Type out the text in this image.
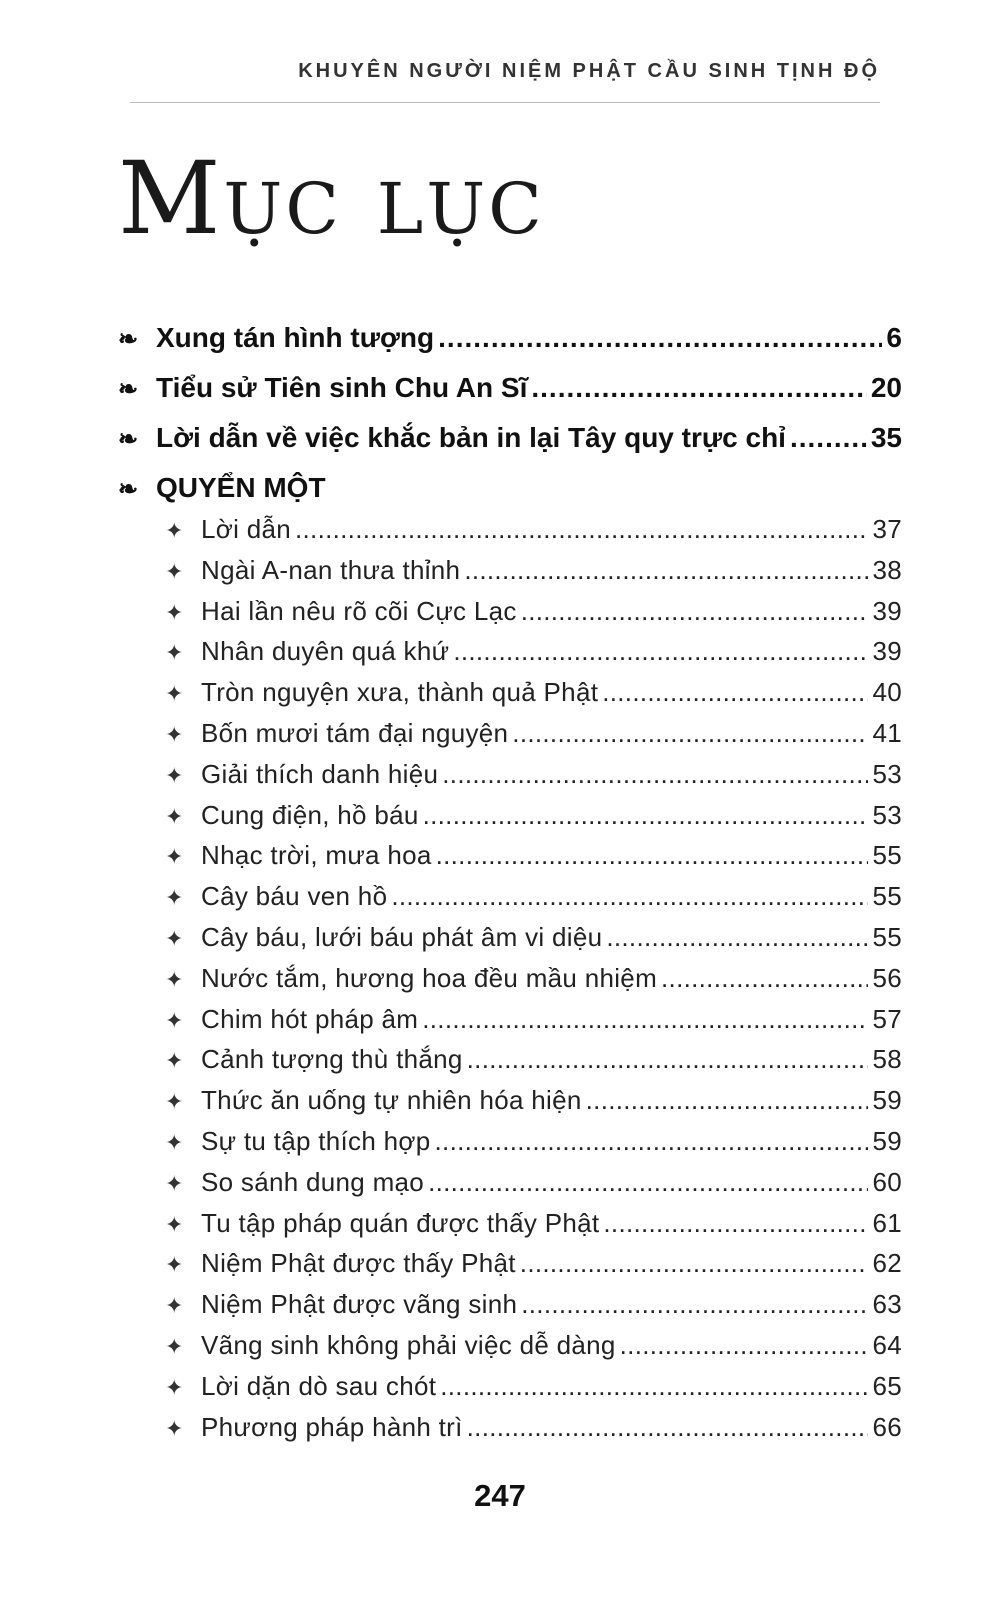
KHUYÊN NGƯỜI NIỆM PHẬT CẦU SINH TỊNH ĐỘ
Mục lục
❧ Xung tán hình tượng .....	6
❧ Tiểu sử Tiên sinh Chu An Sĩ .....	20
❧ Lời dẫn về việc khắc bản in lại Tây quy trực chỉ .....	35
❧ QUYỂN MỘT
✦ Lời dẫn .....	37
✦ Ngài A-nan thưa thỉnh .....	38
✦ Hai lần nêu rõ cõi Cực Lạc .....	39
✦ Nhân duyên quá khứ .....	39
✦ Tròn nguyện xưa, thành quả Phật .....	40
✦ Bốn mươi tám đại nguyện .....	41
✦ Giải thích danh hiệu .....	53
✦ Cung điện, hồ báu .....	53
✦ Nhạc trời, mưa hoa .....	55
✦ Cây báu ven hồ .....	55
✦ Cây báu, lưới báu phát âm vi diệu .....	55
✦ Nước tắm, hương hoa đều mầu nhiệm .....	56
✦ Chim hót pháp âm .....	57
✦ Cảnh tượng thù thắng .....	58
✦ Thức ăn uống tự nhiên hóa hiện .....	59
✦ Sự tu tập thích hợp .....	59
✦ So sánh dung mạo .....	60
✦ Tu tập pháp quán được thấy Phật .....	61
✦ Niệm Phật được thấy Phật .....	62
✦ Niệm Phật được vãng sinh .....	63
✦ Vãng sinh không phải việc dễ dàng .....	64
✦ Lời dặn dò sau chót .....	65
✦ Phương pháp hành trì .....	66
247
